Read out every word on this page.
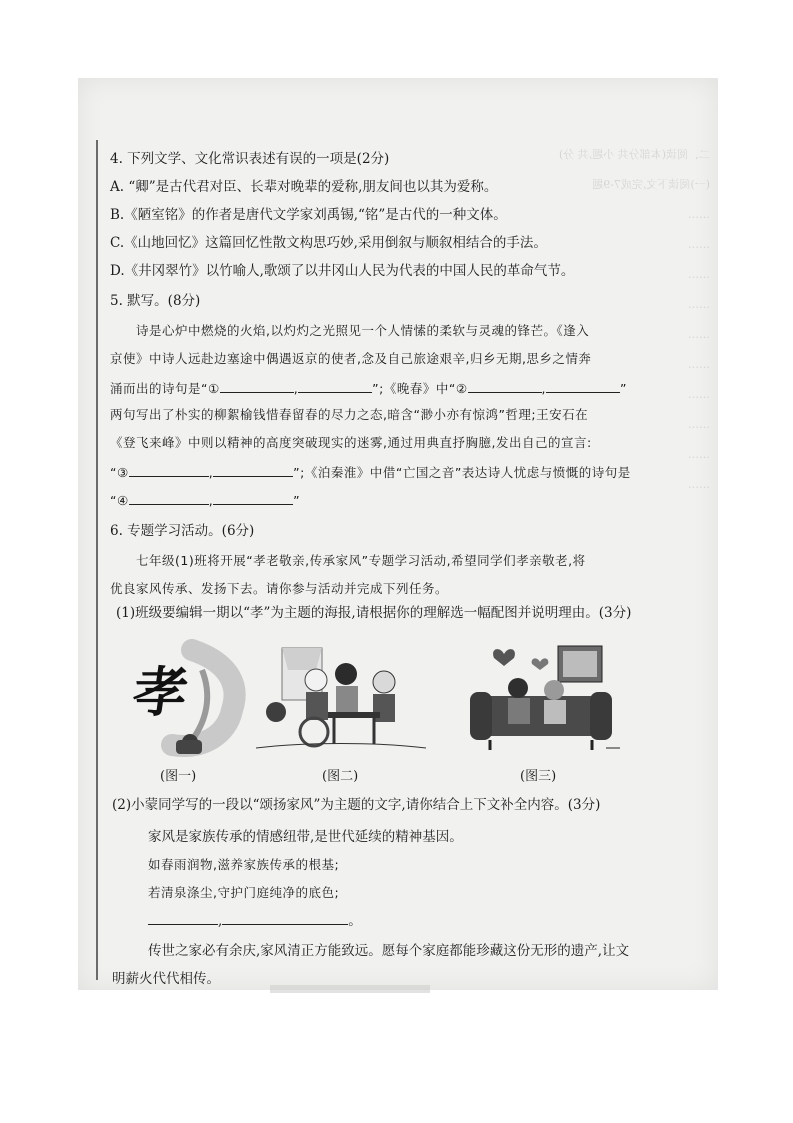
二、阅读(本部分共 小题,共 分)
(一)阅读下文,完成7-9题
……
……
……
……
……
……
……
……
……
……
4. 下列文学、文化常识表述有误的一项是(2分)
A. “卿”是古代君对臣、长辈对晚辈的爱称,朋友间也以其为爱称。
B.《陋室铭》的作者是唐代文学家刘禹锡,“铭”是古代的一种文体。
C.《山地回忆》这篇回忆性散文构思巧妙,采用倒叙与顺叙相结合的手法。
D.《井冈翠竹》以竹喻人,歌颂了以井冈山人民为代表的中国人民的革命气节。
5. 默写。(8分)
诗是心炉中燃烧的火焰,以灼灼之光照见一个人情愫的柔软与灵魂的锋芒。《逢入
京使》中诗人远赴边塞途中偶遇返京的使者,念及自己旅途艰辛,归乡无期,思乡之情奔
涌而出的诗句是“①	,	”;《晚春》中“②	,	”
两句写出了朴实的柳絮榆钱惜春留春的尽力之态,暗含“渺小亦有惊鸿”哲理;王安石在
《登飞来峰》中则以精神的高度突破现实的迷雾,通过用典直抒胸臆,发出自己的宣言:
“③	,	”;《泊秦淮》中借“亡国之音”表达诗人忧虑与愤慨的诗句是
“④	,	”
6. 专题学习活动。(6分)
七年级(1)班将开展“孝老敬亲,传承家风”专题学习活动,希望同学们孝亲敬老,将
优良家风传承、发扬下去。请你参与活动并完成下列任务。
(1)班级要编辑一期以“孝”为主题的海报,请根据你的理解选一幅配图并说明理由。(3分)
孝
(图一)	(图二)	(图三)
(2)小蒙同学写的一段以“颂扬家风”为主题的文字,请你结合上下文补全内容。(3分)
家风是家族传承的情感纽带,是世代延续的精神基因。
如春雨润物,滋养家族传承的根基;
若清泉涤尘,守护门庭纯净的底色;
,	。
传世之家必有余庆,家风清正方能致远。愿每个家庭都能珍藏这份无形的遗产,让文
明薪火代代相传。
